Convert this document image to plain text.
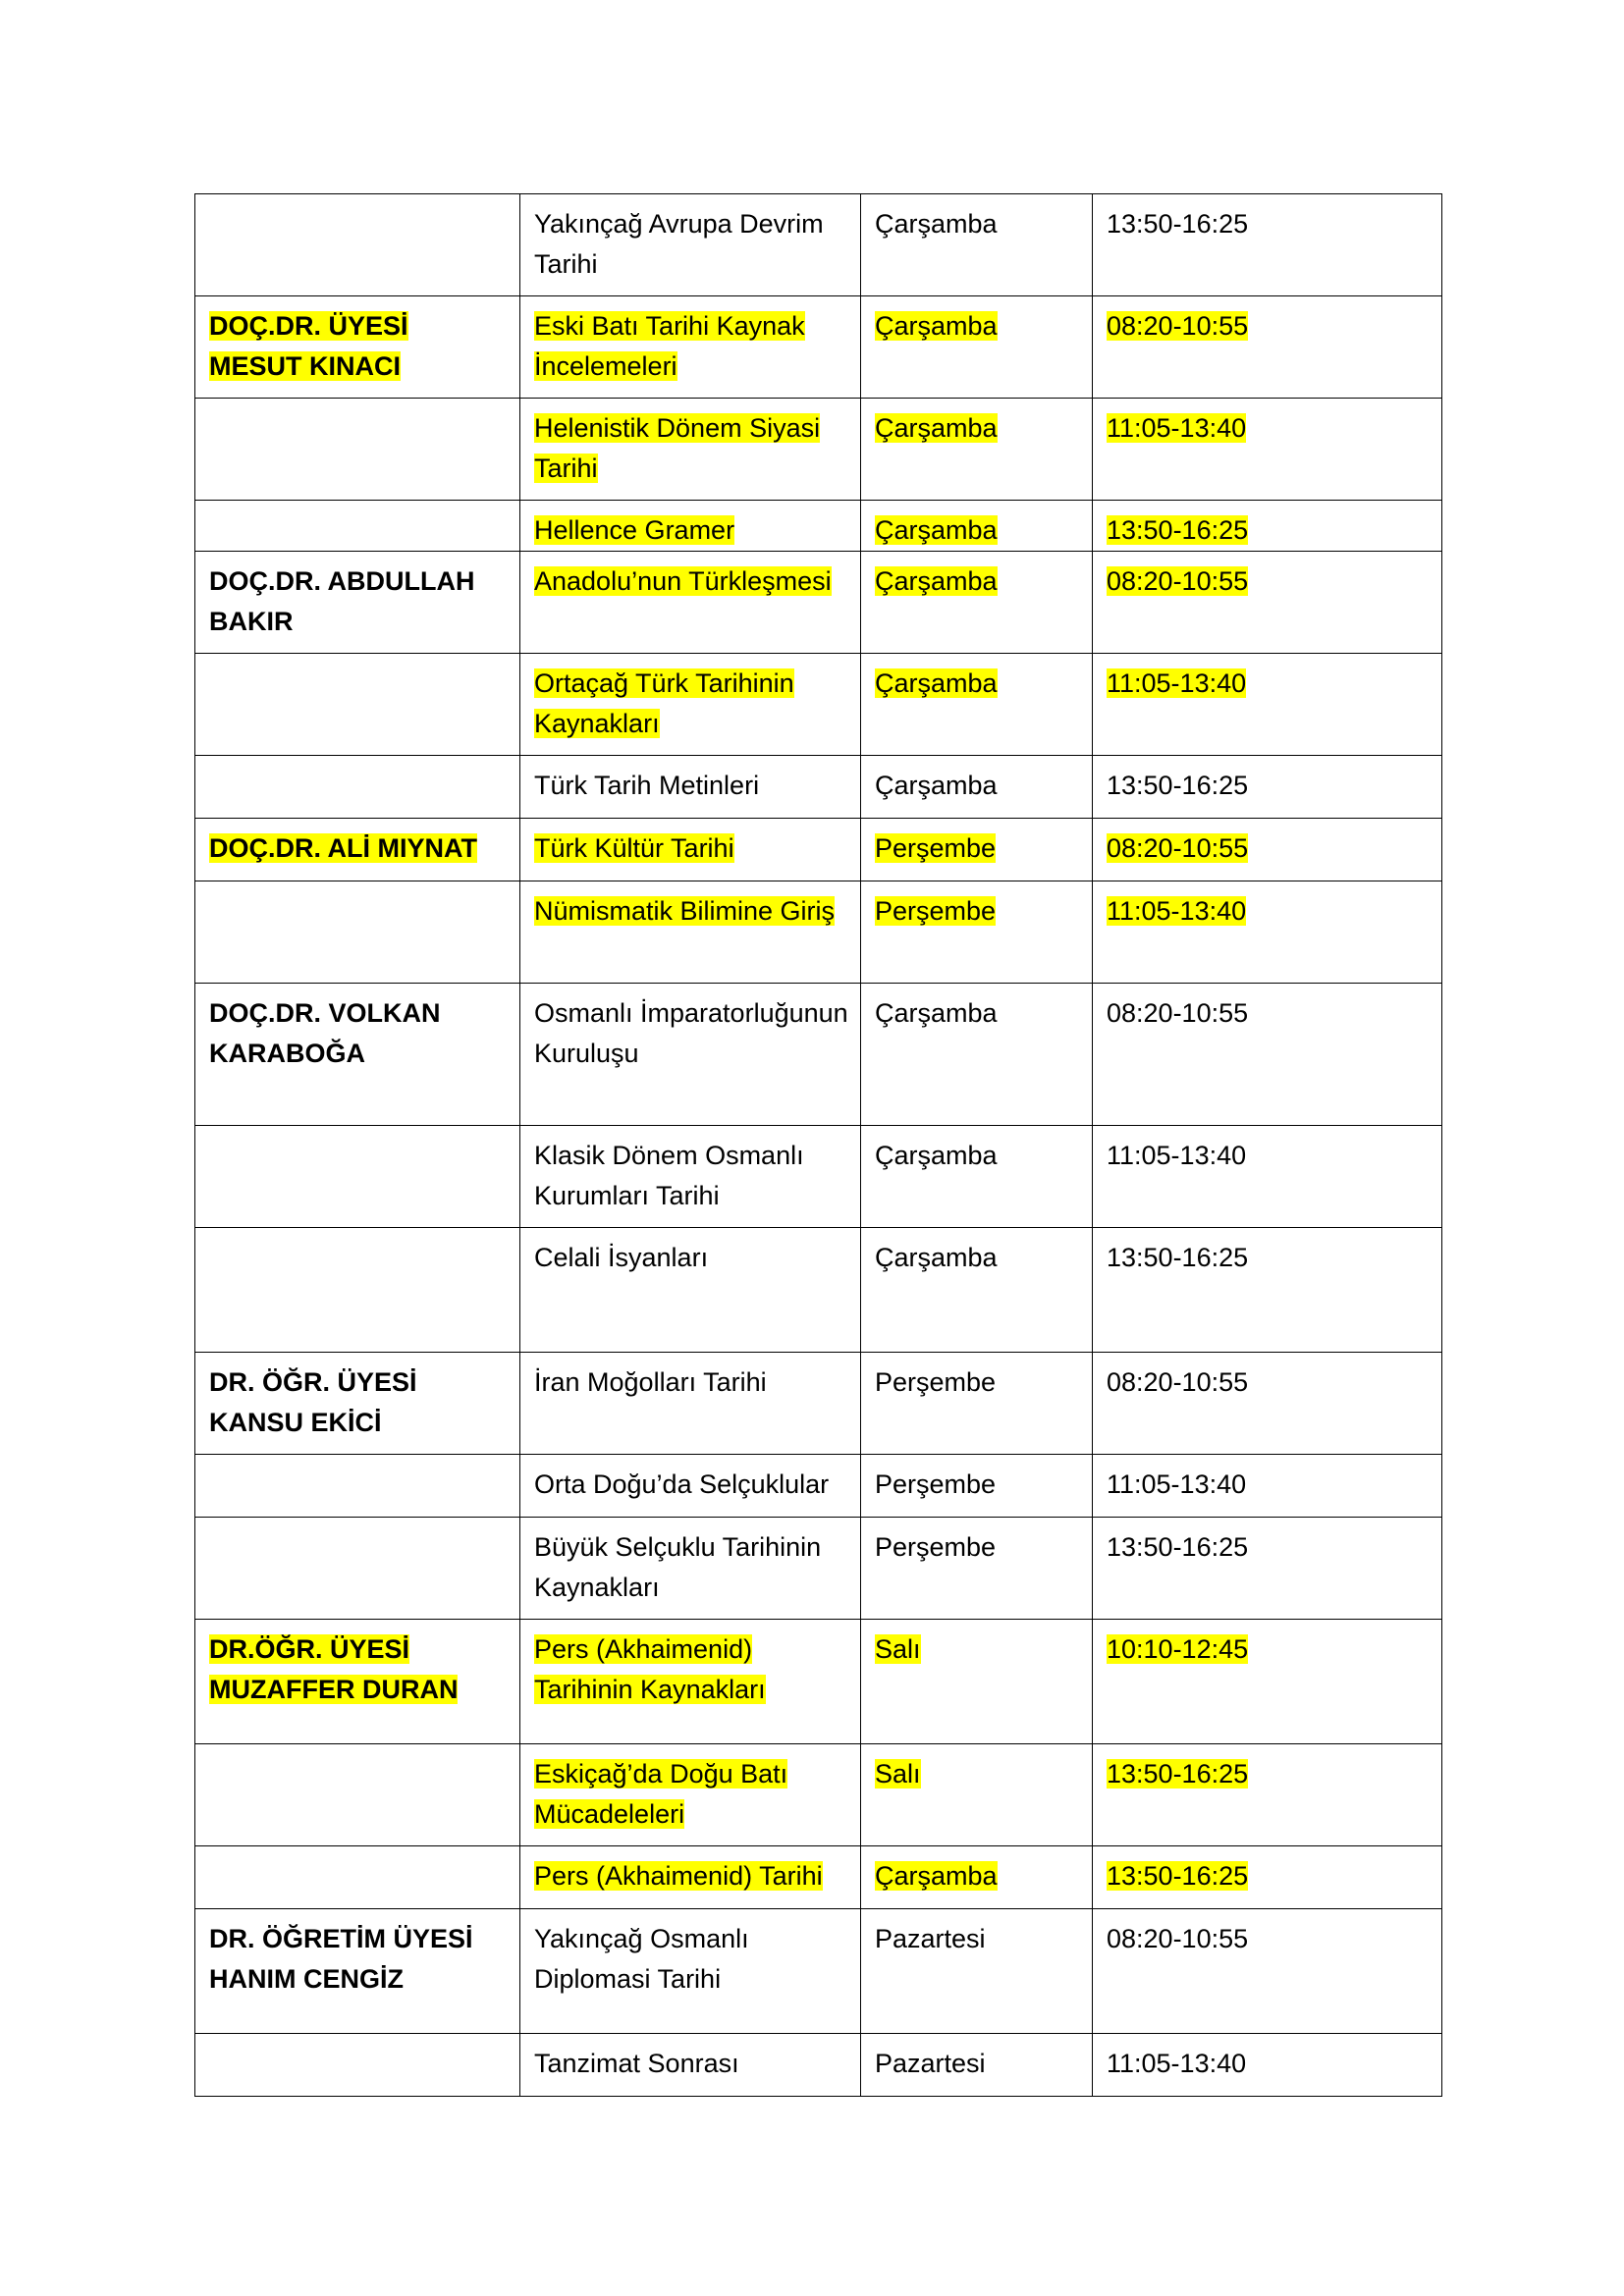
	Yakınçağ Avrupa Devrim Tarihi	Çarşamba	13:50-16:25
DOÇ.DR. ÜYESİ MESUT KINACI	Eski Batı Tarihi Kaynak İncelemeleri	Çarşamba	08:20-10:55
	Helenistik Dönem Siyasi Tarihi	Çarşamba	11:05-13:40
	Hellence Gramer	Çarşamba	13:50-16:25
DOÇ.DR. ABDULLAH BAKIR	Anadolu’nun Türkleşmesi	Çarşamba	08:20-10:55
	Ortaçağ Türk Tarihinin Kaynakları	Çarşamba	11:05-13:40
	Türk Tarih Metinleri	Çarşamba	13:50-16:25
DOÇ.DR. ALİ MIYNAT	Türk Kültür Tarihi	Perşembe	08:20-10:55
	Nümismatik Bilimine Giriş	Perşembe	11:05-13:40
DOÇ.DR. VOLKAN KARABOĞA	Osmanlı İmparatorluğunun Kuruluşu	Çarşamba	08:20-10:55
	Klasik Dönem Osmanlı Kurumları Tarihi	Çarşamba	11:05-13:40
	Celali İsyanları	Çarşamba	13:50-16:25
DR. ÖĞR. ÜYESİ KANSU EKİCİ	İran Moğolları Tarihi	Perşembe	08:20-10:55
	Orta Doğu’da Selçuklular	Perşembe	11:05-13:40
	Büyük Selçuklu Tarihinin Kaynakları	Perşembe	13:50-16:25
DR.ÖĞR. ÜYESİ MUZAFFER DURAN	Pers (Akhaimenid) Tarihinin Kaynakları	Salı	10:10-12:45
	Eskiçağ’da Doğu Batı Mücadeleleri	Salı	13:50-16:25
	Pers (Akhaimenid) Tarihi	Çarşamba	13:50-16:25
DR. ÖĞRETİM ÜYESİ HANIM CENGİZ	Yakınçağ Osmanlı Diplomasi Tarihi	Pazartesi	08:20-10:55
	Tanzimat Sonrası	Pazartesi	11:05-13:40
